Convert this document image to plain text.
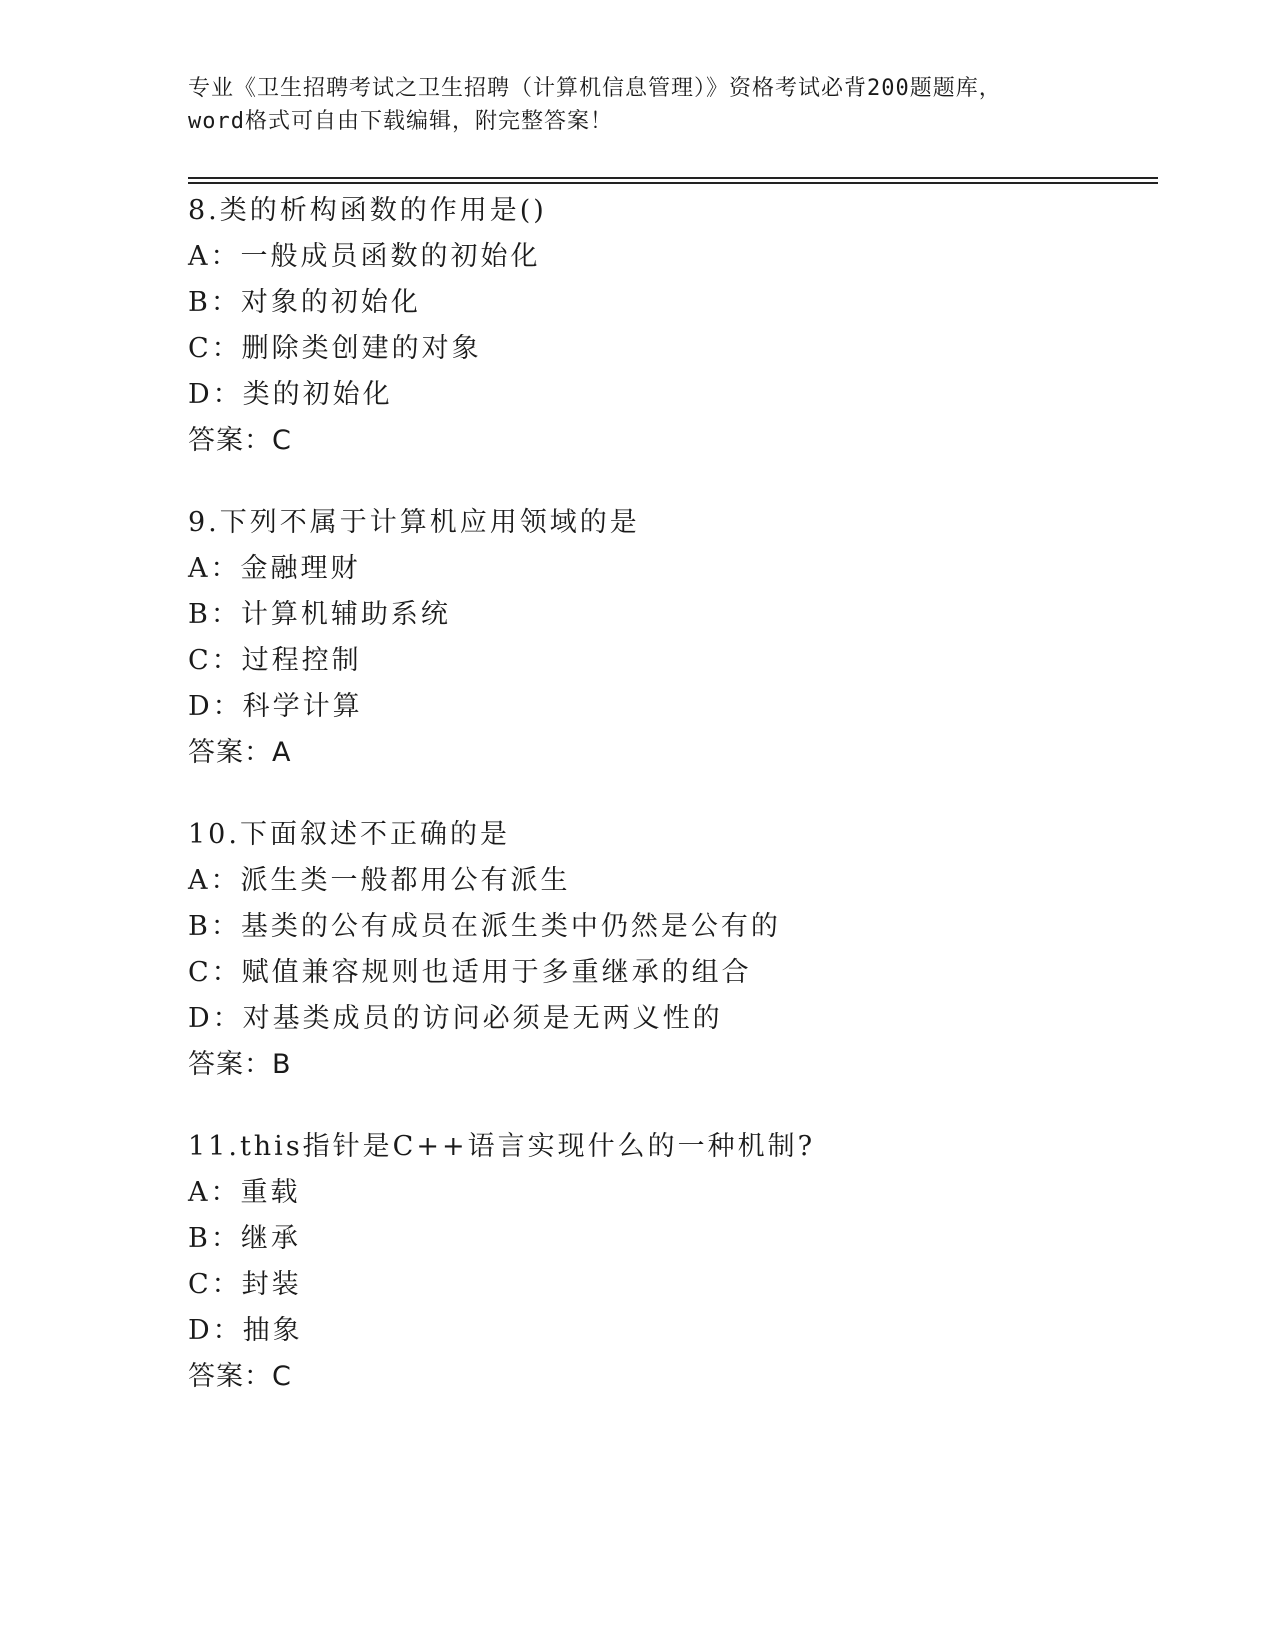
专业《卫生招聘考试之卫生招聘（计算机信息管理）》资格考试必背200题题库，
word格式可自由下载编辑，附完整答案！
8.类的析构函数的作用是()
A：一般成员函数的初始化
B：对象的初始化
C：删除类创建的对象
D：类的初始化
答案：C
9.下列不属于计算机应用领域的是
A：金融理财
B：计算机辅助系统
C：过程控制
D：科学计算
答案：A
10.下面叙述不正确的是
A：派生类一般都用公有派生
B：基类的公有成员在派生类中仍然是公有的
C：赋值兼容规则也适用于多重继承的组合
D：对基类成员的访问必须是无两义性的
答案：B
11.this指针是C++语言实现什么的一种机制?
A：重载
B：继承
C：封装
D：抽象
答案：C
